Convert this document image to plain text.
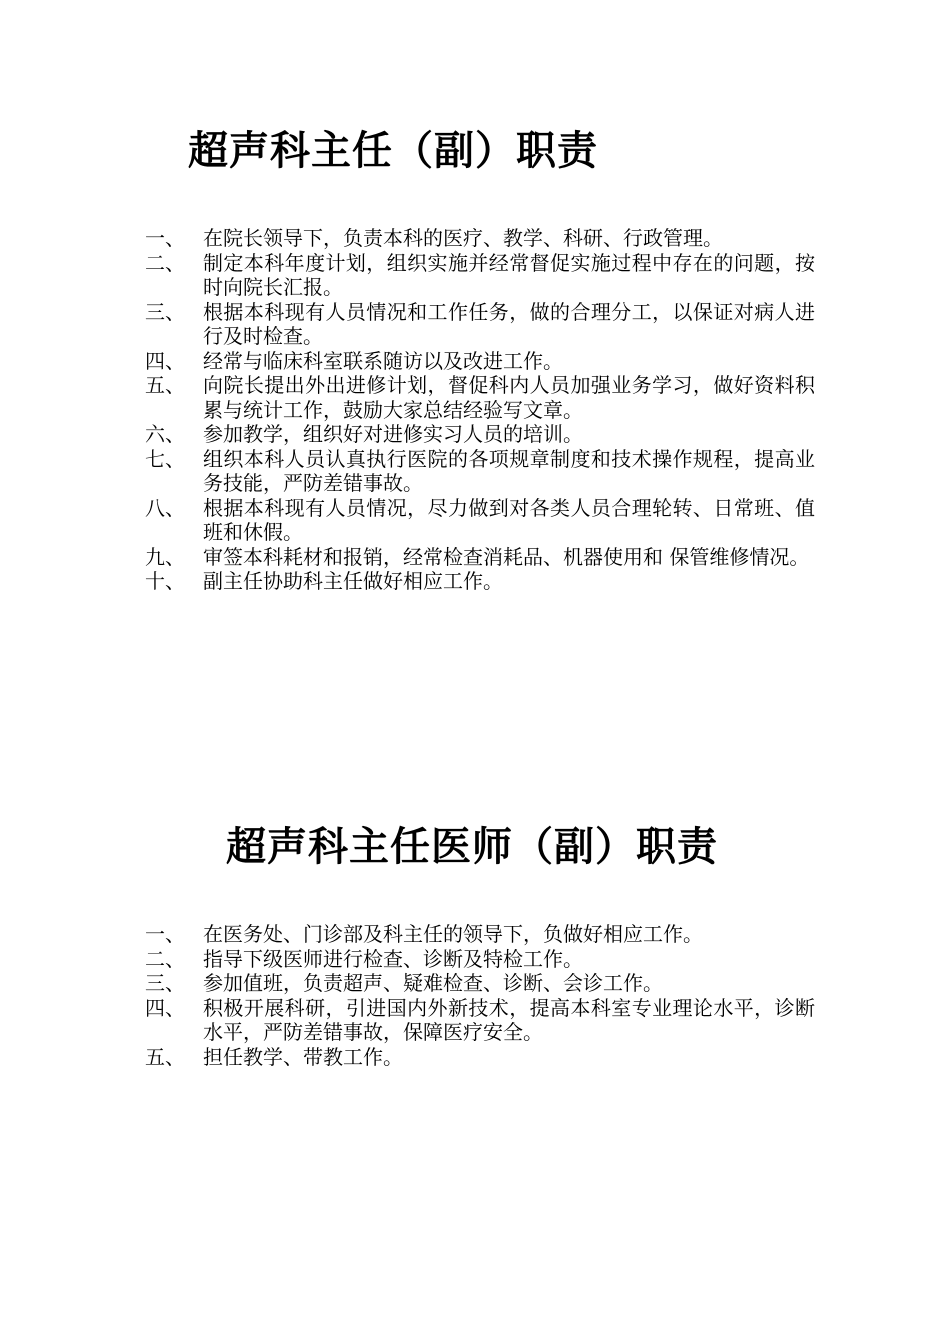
超声科主任（副）职责
一、 在院长领导下，负责本科的医疗、教学、科研、行政管理。
二、 制定本科年度计划，组织实施并经常督促实施过程中存在的问题，按时向院长汇报。
三、 根据本科现有人员情况和工作任务，做的合理分工，以保证对病人进行及时检查。
四、 经常与临床科室联系随访以及改进工作。
五、 向院长提出外出进修计划，督促科内人员加强业务学习，做好资料积累与统计工作，鼓励大家总结经验写文章。
六、 参加教学，组织好对进修实习人员的培训。
七、 组织本科人员认真执行医院的各项规章制度和技术操作规程，提高业务技能，严防差错事故。
八、 根据本科现有人员情况，尽力做到对各类人员合理轮转、日常班、值班和休假。
九、 审签本科耗材和报销，经常检查消耗品、机器使用和 保管维修情况。
十、 副主任协助科主任做好相应工作。
超声科主任医师（副）职责
一、 在医务处、门诊部及科主任的领导下，负做好相应工作。
二、 指导下级医师进行检查、诊断及特检工作。
三、 参加值班，负责超声、疑难检查、诊断、会诊工作。
四、 积极开展科研，引进国内外新技术，提高本科室专业理论水平，诊断水平，严防差错事故，保障医疗安全。
五、 担任教学、带教工作。
